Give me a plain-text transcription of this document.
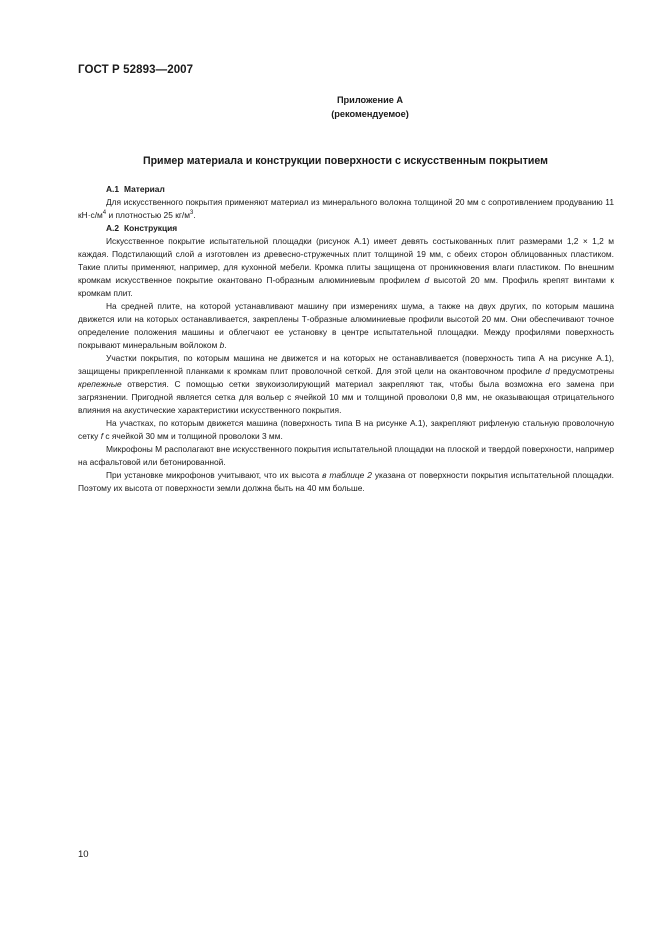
ГОСТ Р 52893—2007
Приложение А
(рекомендуемое)
Пример материала и конструкции поверхности с искусственным покрытием

А.1 Материал

Для искусственного покрытия применяют материал из минерального волокна толщиной 20 мм с сопротивлением продуванию 11 $кН\cdot с/м^4$ и плотностью 25 $кг/м^3$.

А.2 Конструкция

Искусственное покрытие испытательной площадки (рисунок А.1) имеет девять состыкованных плит размерами 1,2 × 1,2 м каждая. Подстилающий слой а изготовлен из древесно-стружечных плит толщиной 19 мм, с обеих сторон облицованных пластиком. Такие плиты применяют, например, для кухонной мебели. Кромка плиты защищена от проникновения влаги пластиком. По внешним кромкам искусственное покрытие окантовано П-образным алюминиевым профилем d высотой 20 мм. Профиль крепят винтами к кромкам плит.

На средней плите, на которой устанавливают машину при измерениях шума, а также на двух других, по которым машина движется или на которых останавливается, закреплены Т-образные алюминиевые профили высотой 20 мм. Они обеспечивают точное определение положения машины и облегчают ее установку в центре испытательной площадки. Между профилями поверхность покрывают минеральным войлоком b.

Участки покрытия, по которым машина не движется и на которых не останавливается (поверхность типа А на рисунке А.1), защищены прикрепленной планками к кромкам плит проволочной сеткой. Для этой цели на окантовочном профиле d предусмотрены крепежные отверстия. С помощью сетки звукоизолирующий материал закрепляют так, чтобы была возможна его замена при загрязнении. Пригодной является сетка для вольер с ячейкой 10 мм и толщиной проволоки 0,8 мм, не оказывающая отрицательного влияния на акустические характеристики искусственного покрытия.

На участках, по которым движется машина (поверхность типа В на рисунке А.1), закрепляют рифленую стальную проволочную сетку f с ячейкой 30 мм и толщиной проволоки 3 мм.

Микрофоны М располагают вне искусственного покрытия испытательной площадки на плоской и твердой поверхности, например на асфальтовой или бетонированной.

При установке микрофонов учитывают, что их высота в таблице 2 указана от поверхности покрытия испытательной площадки. Поэтому их высота от поверхности земли должна быть на 40 мм больше.

10
